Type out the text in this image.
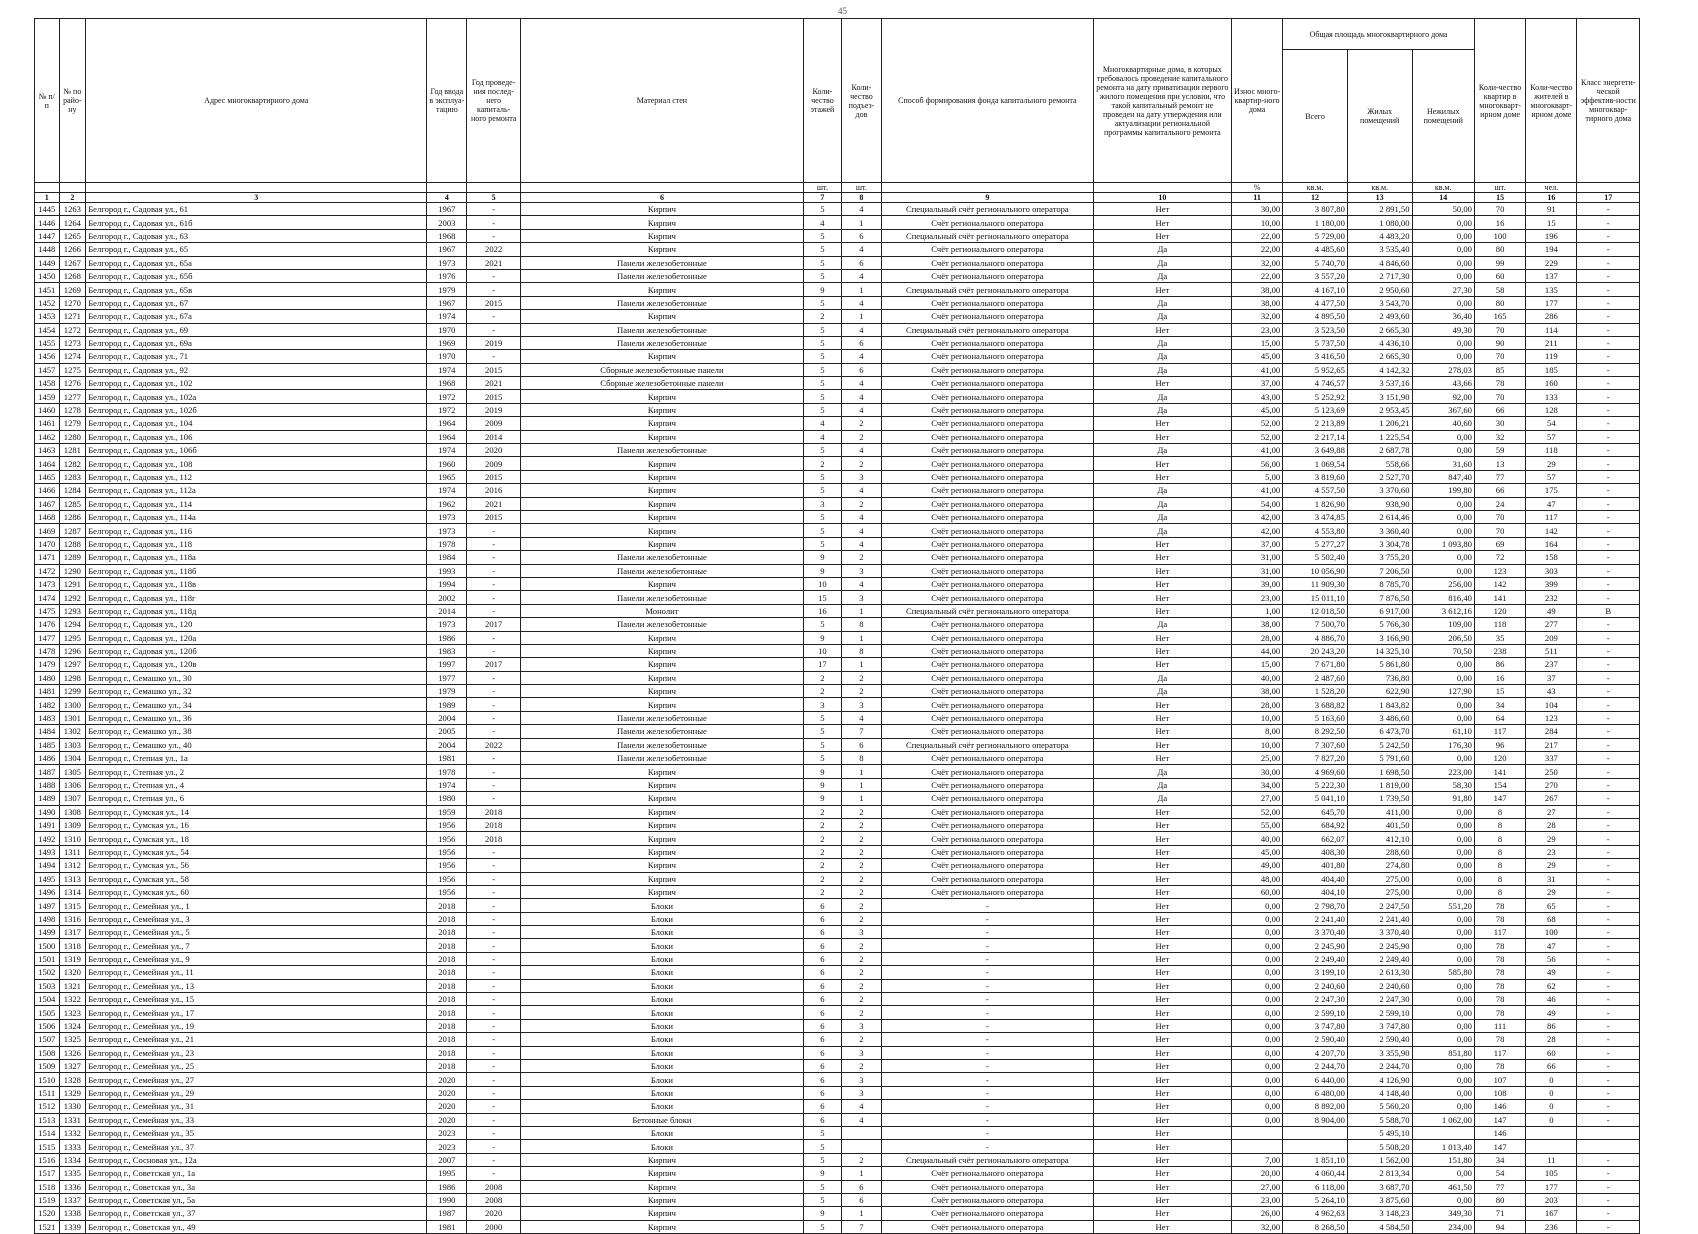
45
№ п/п	№ по райо-ну	Адрес многоквартирного дома	Год ввода в эксплуа-тацию	Год проведе-ния послед-него капиталь-ного ремонта	Материал стен	Коли-чество этажей	Коли-чество подъез-дов	Способ формирования фонда капитального ремонта	Многоквартирные дома, в которых требовалось проведение капитального ремонта на дату приватизации первого жилого помещения при условии, что такой капитальный ремонт не проведен на дату утверждения или актуализации региональной программы капитального ремонта	Износ много-квартир-ного дома	Общая площадь многоквартирного дома			Коли-чество квартир в многокварт-ирном доме	Коли-чество жителей в многокварт-ирном доме	Класс энергети-ческой эффектив-ности многоквар-тирного дома
											Всего	Жилых помещений	Нежилых помещений			
						шт.	шт.			%	кв.м.	кв.м.	кв.м.	шт.	чел.	
1	2	3	4	5	6	7	8	9	10	11	12	13	14	15	16	17
1445	1263	Белгород г., Садовая ул., 61	1967	-	Кирпич	5	4	Специальный счёт регионального оператора	Нет	30,00	3 807,80	2 891,50	50,00	70	91	-
1446	1264	Белгород г., Садовая ул., 61б	2003	-	Кирпич	4	1	Счёт регионального оператора	Нет	10,00	1 180,00	1 080,00	0,00	16	15	-
1447	1265	Белгород г., Садовая ул., 63	1968	-	Кирпич	5	6	Специальный счёт регионального оператора	Нет	22,00	5 729,00	4 483,20	0,00	100	196	-
1448	1266	Белгород г., Садовая ул., 65	1967	2022	Кирпич	5	4	Счёт регионального оператора	Да	22,00	4 485,60	3 535,40	0,00	80	194	-
1449	1267	Белгород г., Садовая ул., 65а	1973	2021	Панели железобетонные	5	6	Счёт регионального оператора	Да	32,00	5 740,70	4 846,60	0,00	99	229	-
1450	1268	Белгород г., Садовая ул., 65б	1976	-	Панели железобетонные	5	4	Счёт регионального оператора	Да	22,00	3 557,20	2 717,30	0,00	60	137	-
1451	1269	Белгород г., Садовая ул., 65в	1979	-	Кирпич	9	1	Специальный счёт регионального оператора	Нет	38,00	4 167,10	2 950,60	27,30	58	135	-
1452	1270	Белгород г., Садовая ул., 67	1967	2015	Панели железобетонные	5	4	Счёт регионального оператора	Да	38,00	4 477,50	3 543,70	0,00	80	177	-
1453	1271	Белгород г., Садовая ул., 67а	1974	-	Кирпич	2	1	Счёт регионального оператора	Да	32,00	4 895,50	2 493,60	36,40	165	286	-
1454	1272	Белгород г., Садовая ул., 69	1970	-	Панели железобетонные	5	4	Специальный счёт регионального оператора	Нет	23,00	3 523,50	2 665,30	49,30	70	114	-
1455	1273	Белгород г., Садовая ул., 69а	1969	2019	Панели железобетонные	5	6	Счёт регионального оператора	Да	15,00	5 737,50	4 436,10	0,00	90	211	-
1456	1274	Белгород г., Садовая ул., 71	1970	-	Кирпич	5	4	Счёт регионального оператора	Да	45,00	3 416,50	2 665,30	0,00	70	119	-
1457	1275	Белгород г., Садовая ул., 92	1974	2015	Сборные железобетонные панели	5	6	Счёт регионального оператора	Да	41,00	5 952,65	4 142,32	278,03	85	185	-
1458	1276	Белгород г., Садовая ул., 102	1968	2021	Сборные железобетонные панели	5	4	Счёт регионального оператора	Нет	37,00	4 746,57	3 537,16	43,66	78	160	-
1459	1277	Белгород г., Садовая ул., 102а	1972	2015	Кирпич	5	4	Счёт регионального оператора	Да	43,00	5 252,92	3 151,90	92,00	70	133	-
1460	1278	Белгород г., Садовая ул., 102б	1972	2019	Кирпич	5	4	Счёт регионального оператора	Да	45,00	5 123,69	2 953,45	367,60	66	128	-
1461	1279	Белгород г., Садовая ул., 104	1964	2009	Кирпич	4	2	Счёт регионального оператора	Нет	52,00	2 213,89	1 206,21	40,60	30	54	-
1462	1280	Белгород г., Садовая ул., 106	1964	2014	Кирпич	4	2	Счёт регионального оператора	Нет	52,00	2 217,14	1 225,54	0,00	32	57	-
1463	1281	Белгород г., Садовая ул., 106б	1974	2020	Панели железобетонные	5	4	Счёт регионального оператора	Да	41,00	3 649,88	2 687,78	0,00	59	118	-
1464	1282	Белгород г., Садовая ул., 108	1960	2009	Кирпич	2	2	Счёт регионального оператора	Нет	56,00	1 069,54	558,66	31,60	13	29	-
1465	1283	Белгород г., Садовая ул., 112	1965	2015	Кирпич	5	3	Счёт регионального оператора	Нет	5,00	3 819,60	2 527,70	847,40	77	57	-
1466	1284	Белгород г., Садовая ул., 112а	1974	2016	Кирпич	5	4	Счёт регионального оператора	Да	41,00	4 557,50	3 370,60	199,80	66	175	-
1467	1285	Белгород г., Садовая ул., 114	1962	2021	Кирпич	3	2	Счёт регионального оператора	Да	54,00	1 826,90	938,90	0,00	24	47	-
1468	1286	Белгород г., Садовая ул., 114а	1973	2015	Кирпич	5	4	Счёт регионального оператора	Да	42,00	3 474,85	2 614,46	0,00	70	117	-
1469	1287	Белгород г., Садовая ул., 116	1973	-	Кирпич	5	4	Счёт регионального оператора	Да	42,00	4 553,80	3 360,40	0,00	70	142	-
1470	1288	Белгород г., Садовая ул., 118	1978	-	Кирпич	5	4	Счёт регионального оператора	Нет	37,00	5 277,27	3 304,78	1 093,80	69	164	-
1471	1289	Белгород г., Садовая ул., 118а	1984	-	Панели железобетонные	9	2	Счёт регионального оператора	Нет	31,00	5 502,40	3 755,20	0,00	72	158	-
1472	1290	Белгород г., Садовая ул., 118б	1993	-	Панели железобетонные	9	3	Счёт регионального оператора	Нет	31,00	10 056,90	7 206,50	0,00	123	303	-
1473	1291	Белгород г., Садовая ул., 118в	1994	-	Кирпич	10	4	Счёт регионального оператора	Нет	39,00	11 909,30	8 785,70	256,00	142	399	-
1474	1292	Белгород г., Садовая ул., 118г	2002	-	Панели железобетонные	15	3	Счёт регионального оператора	Нет	23,00	15 011,10	7 876,50	816,40	141	232	-
1475	1293	Белгород г., Садовая ул., 118д	2014	-	Монолит	16	1	Специальный счёт регионального оператора	Нет	1,00	12 018,50	6 917,00	3 612,16	120	49	В
1476	1294	Белгород г., Садовая ул., 120	1973	2017	Панели железобетонные	5	8	Счёт регионального оператора	Да	38,00	7 500,70	5 766,30	109,00	118	277	-
1477	1295	Белгород г., Садовая ул., 120а	1986	-	Кирпич	9	1	Счёт регионального оператора	Нет	28,00	4 886,70	3 166,90	206,50	35	209	-
1478	1296	Белгород г., Садовая ул., 120б	1983	-	Кирпич	10	8	Счёт регионального оператора	Нет	44,00	20 243,20	14 325,10	70,50	238	511	-
1479	1297	Белгород г., Садовая ул., 120в	1997	2017	Кирпич	17	1	Счёт регионального оператора	Нет	15,00	7 671,80	5 861,80	0,00	86	237	-
1480	1298	Белгород г., Семашко ул., 30	1977	-	Кирпич	2	2	Счёт регионального оператора	Да	40,00	2 487,60	736,80	0,00	16	37	-
1481	1299	Белгород г., Семашко ул., 32	1979	-	Кирпич	2	2	Счёт регионального оператора	Да	38,00	1 528,20	622,90	127,90	15	43	-
1482	1300	Белгород г., Семашко ул., 34	1989	-	Кирпич	3	3	Счёт регионального оператора	Нет	28,00	3 688,82	1 843,82	0,00	34	104	-
1483	1301	Белгород г., Семашко ул., 36	2004	-	Панели железобетонные	5	4	Счёт регионального оператора	Нет	10,00	5 163,60	3 486,60	0,00	64	123	-
1484	1302	Белгород г., Семашко ул., 38	2005	-	Панели железобетонные	5	7	Счёт регионального оператора	Нет	8,00	8 292,50	6 473,70	61,10	117	284	-
1485	1303	Белгород г., Семашко ул., 40	2004	2022	Панели железобетонные	5	6	Специальный счёт регионального оператора	Нет	10,00	7 307,60	5 242,50	176,30	96	217	-
1486	1304	Белгород г., Степная ул., 1а	1981	-	Панели железобетонные	5	8	Счёт регионального оператора	Нет	25,00	7 827,20	5 791,60	0,00	120	337	-
1487	1305	Белгород г., Степная ул., 2	1978	-	Кирпич	9	1	Счёт регионального оператора	Да	30,00	4 969,60	1 698,50	223,00	141	250	-
1488	1306	Белгород г., Степная ул., 4	1974	-	Кирпич	9	1	Счёт регионального оператора	Да	34,00	5 222,30	1 819,00	58,30	154	270	-
1489	1307	Белгород г., Степная ул., 6	1980	-	Кирпич	9	1	Счёт регионального оператора	Да	27,00	5 041,10	1 739,50	91,80	147	267	-
1490	1308	Белгород г., Сумская ул., 14	1959	2018	Кирпич	2	2	Счёт регионального оператора	Нет	52,00	645,70	411,00	0,00	8	27	-
1491	1309	Белгород г., Сумская ул., 16	1956	2018	Кирпич	2	2	Счёт регионального оператора	Нет	55,00	684,92	401,50	0,00	8	28	-
1492	1310	Белгород г., Сумская ул., 18	1956	2018	Кирпич	2	2	Счёт регионального оператора	Нет	40,00	662,07	412,10	0,00	8	29	-
1493	1311	Белгород г., Сумская ул., 54	1956	-	Кирпич	2	2	Счёт регионального оператора	Нет	45,00	408,30	288,60	0,00	8	23	-
1494	1312	Белгород г., Сумская ул., 56	1956	-	Кирпич	2	2	Счёт регионального оператора	Нет	49,00	401,80	274,80	0,00	8	29	-
1495	1313	Белгород г., Сумская ул., 58	1956	-	Кирпич	2	2	Счёт регионального оператора	Нет	48,00	404,40	275,00	0,00	8	31	-
1496	1314	Белгород г., Сумская ул., 60	1956	-	Кирпич	2	2	Счёт регионального оператора	Нет	60,00	404,10	275,00	0,00	8	29	-
1497	1315	Белгород г., Семейная ул., 1	2018	-	Блоки	6	2	-	Нет	0,00	2 798,70	2 247,50	551,20	78	65	-
1498	1316	Белгород г., Семейная ул., 3	2018	-	Блоки	6	2	-	Нет	0,00	2 241,40	2 241,40	0,00	78	68	-
1499	1317	Белгород г., Семейная ул., 5	2018	-	Блоки	6	3	-	Нет	0,00	3 370,40	3 370,40	0,00	117	100	-
1500	1318	Белгород г., Семейная ул., 7	2018	-	Блоки	6	2	-	Нет	0,00	2 245,90	2 245,90	0,00	78	47	-
1501	1319	Белгород г., Семейная ул., 9	2018	-	Блоки	6	2	-	Нет	0,00	2 249,40	2 249,40	0,00	78	56	-
1502	1320	Белгород г., Семейная ул., 11	2018	-	Блоки	6	2	-	Нет	0,00	3 199,10	2 613,30	585,80	78	49	-
1503	1321	Белгород г., Семейная ул., 13	2018	-	Блоки	6	2	-	Нет	0,00	2 240,60	2 240,60	0,00	78	62	-
1504	1322	Белгород г., Семейная ул., 15	2018	-	Блоки	6	2	-	Нет	0,00	2 247,30	2 247,30	0,00	78	46	-
1505	1323	Белгород г., Семейная ул., 17	2018	-	Блоки	6	2	-	Нет	0,00	2 599,10	2 599,10	0,00	78	49	-
1506	1324	Белгород г., Семейная ул., 19	2018	-	Блоки	6	3	-	Нет	0,00	3 747,80	3 747,80	0,00	111	86	-
1507	1325	Белгород г., Семейная ул., 21	2018	-	Блоки	6	2	-	Нет	0,00	2 590,40	2 590,40	0,00	78	28	-
1508	1326	Белгород г., Семейная ул., 23	2018	-	Блоки	6	3	-	Нет	0,00	4 207,70	3 355,90	851,80	117	60	-
1509	1327	Белгород г., Семейная ул., 25	2018	-	Блоки	6	2	-	Нет	0,00	2 244,70	2 244,70	0,00	78	66	-
1510	1328	Белгород г., Семейная ул., 27	2020	-	Блоки	6	3	-	Нет	0,00	6 440,00	4 126,90	0,00	107	0	-
1511	1329	Белгород г., Семейная ул., 29	2020	-	Блоки	6	3	-	Нет	0,00	6 480,00	4 148,40	0,00	108	0	-
1512	1330	Белгород г., Семейная ул., 31	2020	-	Блоки	6	4	-	Нет	0,00	8 892,00	5 560,20	0,00	146	0	-
1513	1331	Белгород г., Семейная ул., 33	2020	-	Бетонные блоки	6	4	-	Нет	0,00	8 904,00	5 588,70	1 062,00	147	0	-
1514	1332	Белгород г., Семейная ул., 35	2023	-	Блоки	5		-	Нет			5 495,10		146		
1515	1333	Белгород г., Семейная ул., 37	2023	-	Блоки	5		-	Нет			5 508,20	1 013,40	147		
1516	1334	Белгород г., Сосновая ул., 12а	2007	-	Кирпич	5	2	Специальный счёт регионального оператора	Нет	7,00	1 851,10	1 562,00	151,80	34	11	-
1517	1335	Белгород г., Советская ул., 1а	1995	-	Кирпич	9	1	Счёт регионального оператора	Нет	20,00	4 060,44	2 813,34	0,00	54	105	-
1518	1336	Белгород г., Советская ул., 3а	1986	2008	Кирпич	5	6	Счёт регионального оператора	Нет	27,00	6 118,00	3 687,70	461,50	77	177	-
1519	1337	Белгород г., Советская ул., 5а	1990	2008	Кирпич	5	6	Счёт регионального оператора	Нет	23,00	5 264,10	3 875,60	0,00	80	203	-
1520	1338	Белгород г., Советская ул., 37	1987	2020	Кирпич	9	1	Счёт регионального оператора	Нет	26,00	4 962,63	3 148,23	349,30	71	167	-
1521	1339	Белгород г., Советская ул., 49	1981	2000	Кирпич	5	7	Счёт регионального оператора	Нет	32,00	8 268,50	4 584,50	234,00	94	236	-
